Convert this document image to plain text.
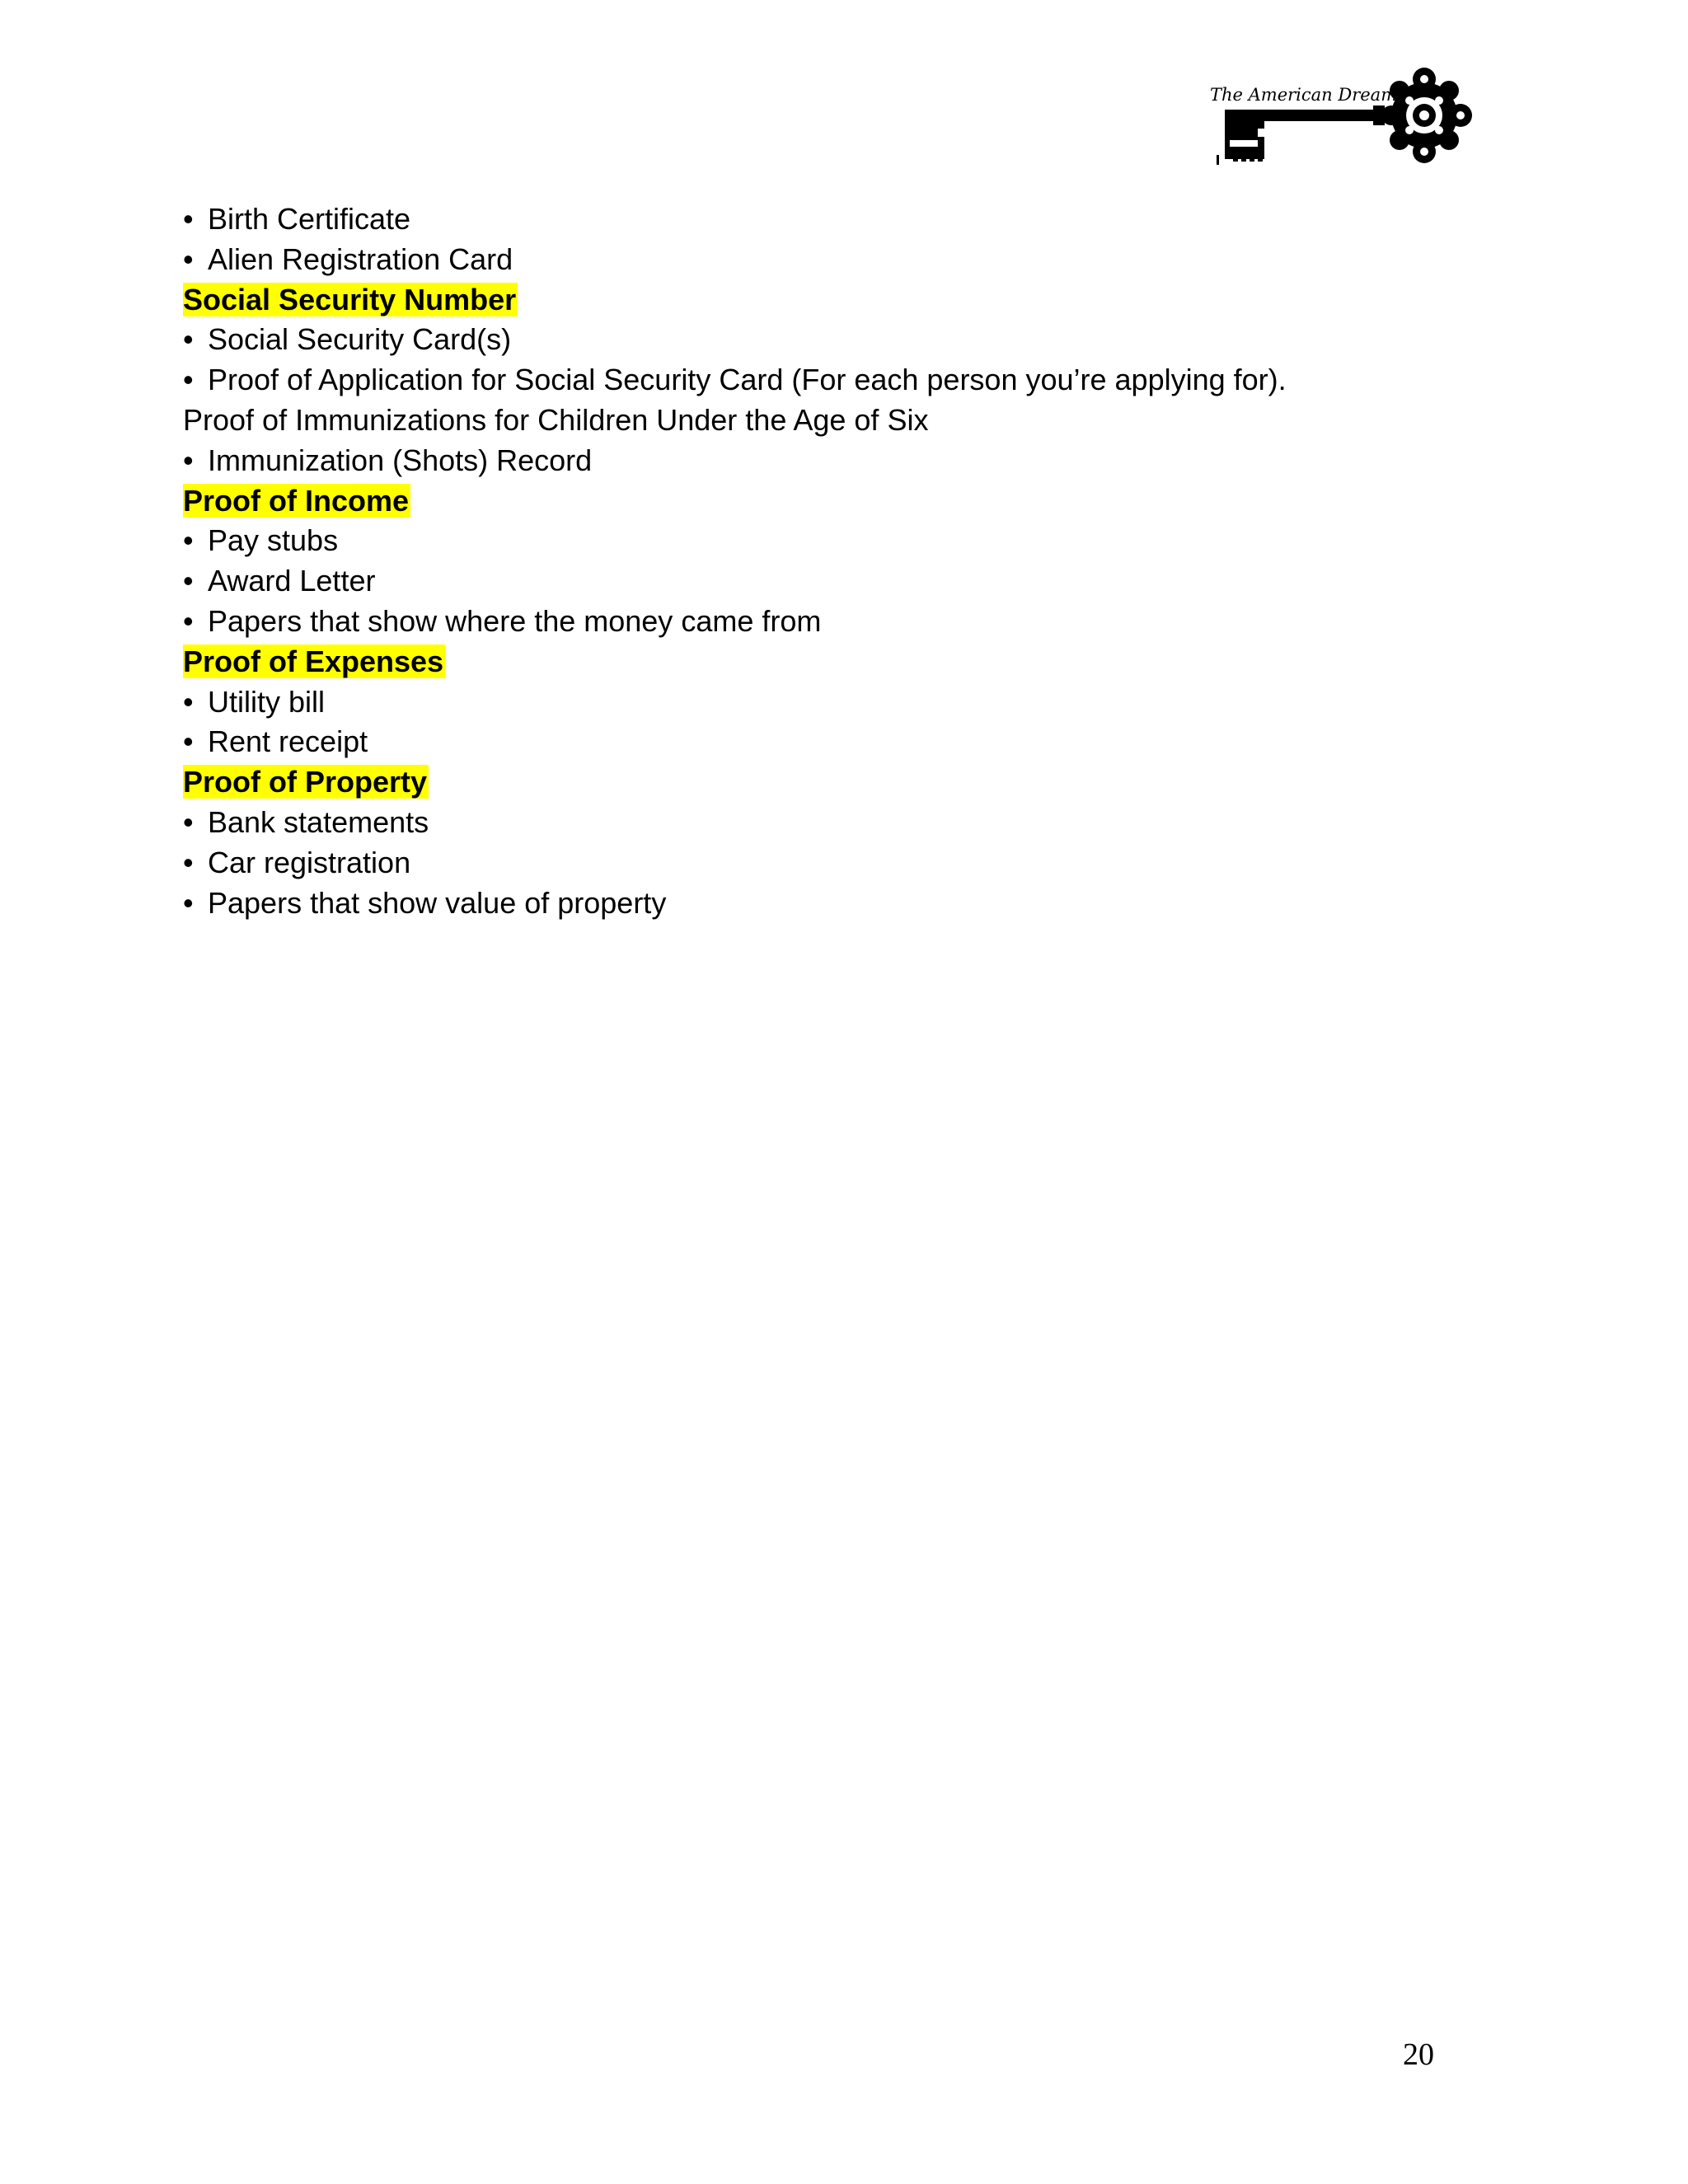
The American Dream
• Birth Certificate
• Alien Registration Card
Social Security Number
• Social Security Card(s)
• Proof of Application for Social Security Card (For each person you’re applying for).
Proof of Immunizations for Children Under the Age of Six
• Immunization (Shots) Record
Proof of Income
• Pay stubs
• Award Letter
• Papers that show where the money came from
Proof of Expenses
• Utility bill
• Rent receipt
Proof of Property
• Bank statements
• Car registration
• Papers that show value of property
20
